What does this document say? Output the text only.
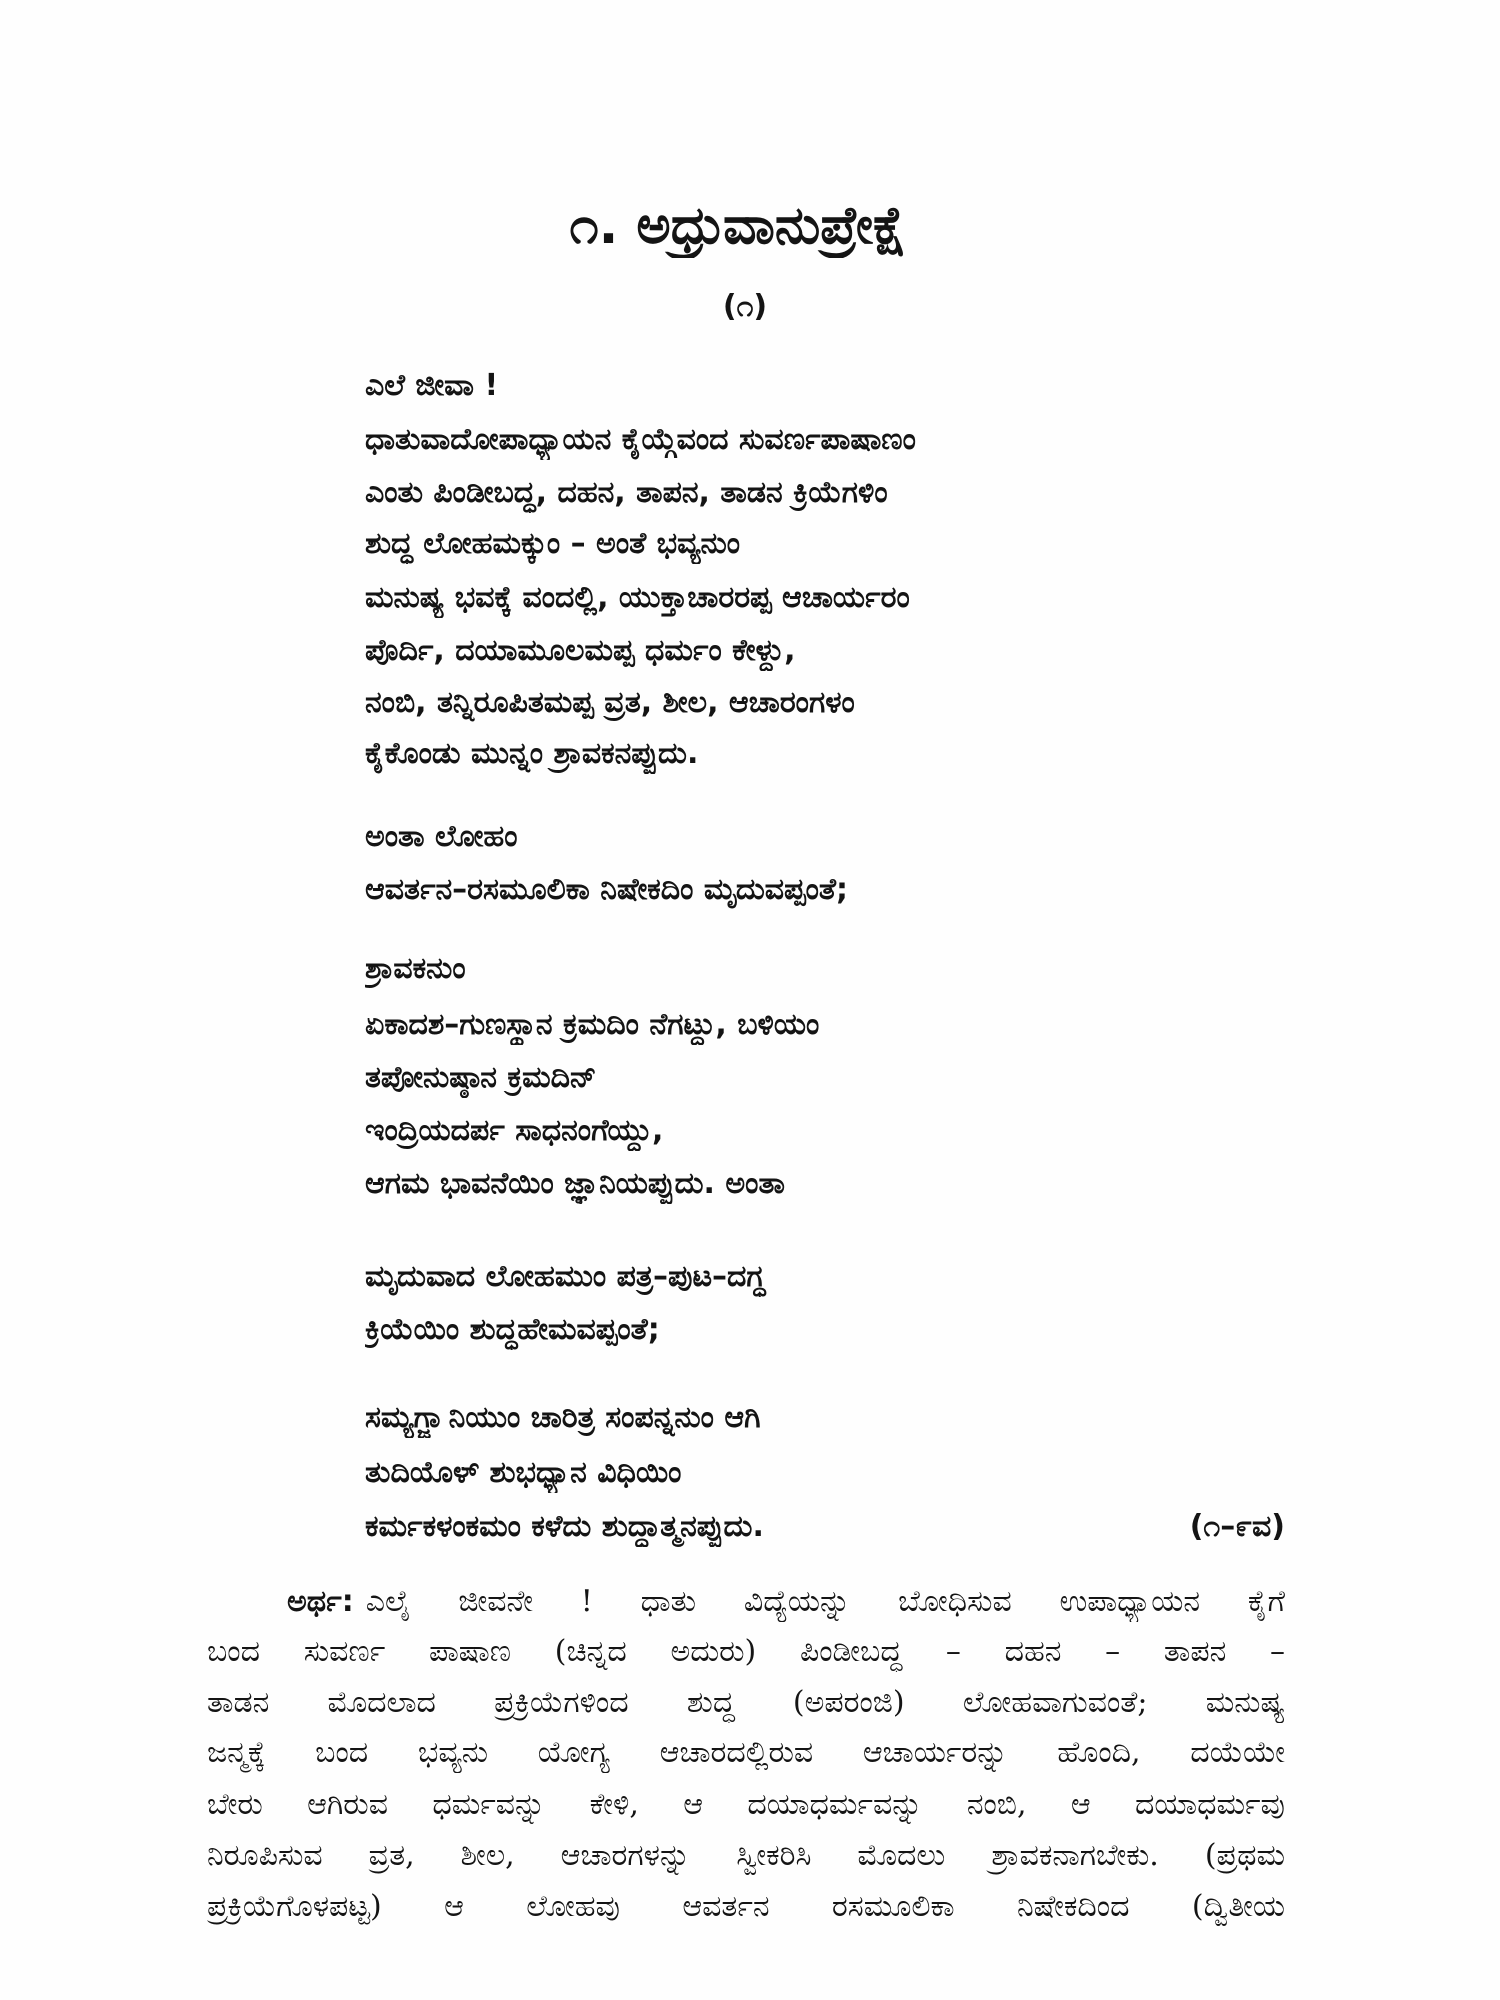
೧. ಅಧ್ರುವಾನುಪ್ರೇಕ್ಷೆ
(೧)
ಎಲೆ ಜೀವಾ !
ಧಾತುವಾದೋಪಾಧ್ಯಾಯನ ಕೈಯ್ಗೆವಂದ ಸುವರ್ಣಪಾಷಾಣಂ
ಎಂತು ಪಿಂಡೀಬದ್ಧ, ದಹನ, ತಾಪನ, ತಾಡನ ಕ್ರಿಯೆಗಳಿಂ
ಶುದ್ಧ ಲೋಹಮಕ್ಕುಂ – ಅಂತೆ ಭವ್ಯನುಂ
ಮನುಷ್ಯ ಭವಕ್ಕೆ ವಂದಲ್ಲಿ, ಯುಕ್ತಾಚಾರರಪ್ಪ ಆಚಾರ್ಯರಂ
ಪೊರ್ದಿ, ದಯಾಮೂಲಮಪ್ಪ ಧರ್ಮಂ ಕೇಳ್ದು,
ನಂಬಿ, ತನ್ನಿರೂಪಿತಮಪ್ಪ ವ್ರತ, ಶೀಲ, ಆಚಾರಂಗಳಂ
ಕೈಕೊಂಡು ಮುನ್ನಂ ಶ್ರಾವಕನಪ್ಪುದು.
ಅಂತಾ ಲೋಹಂ
ಆವರ್ತನ–ರಸಮೂಲಿಕಾ ನಿಷೇಕದಿಂ ಮೃದುವಪ್ಪಂತೆ;
ಶ್ರಾವಕನುಂ
ಏಕಾದಶ–ಗುಣಸ್ಥಾನ ಕ್ರಮದಿಂ ನೆಗಟ್ದು, ಬಳಿಯಂ
ತಪೋನುಷ್ಠಾನ ಕ್ರಮದಿನ್
ಇಂದ್ರಿಯದರ್ಪ ಸಾಧನಂಗೆಯ್ದು,
ಆಗಮ ಭಾವನೆಯಿಂ ಜ್ಞಾನಿಯಪ್ಪುದು. ಅಂತಾ
ಮೃದುವಾದ ಲೋಹಮುಂ ಪತ್ರ–ಪುಟ–ದಗ್ಧ
ಕ್ರಿಯೆಯಿಂ ಶುದ್ಧಹೇಮವಪ್ಪಂತೆ;
ಸಮ್ಯಗ್ಜ್ಞಾನಿಯುಂ ಚಾರಿತ್ರ ಸಂಪನ್ನನುಂ ಆಗಿ
ತುದಿಯೊಳ್ ಶುಭಧ್ಯಾನ ವಿಧಿಯಿಂ
ಕರ್ಮಕಳಂಕಮಂ ಕಳೆದು ಶುದ್ಧಾತ್ಮನಪ್ಪುದು.	(೧–೯ವ)
ಅರ್ಥ: ಎಲೈ ಜೀವನೇ ! ಧಾತು ವಿದ್ಯೆಯನ್ನು ಬೋಧಿಸುವ ಉಪಾಧ್ಯಾಯನ ಕೈಗೆ
ಬಂದ ಸುವರ್ಣ ಪಾಷಾಣ (ಚಿನ್ನದ ಅದುರು) ಪಿಂಡೀಬದ್ಧ – ದಹನ – ತಾಪನ –
ತಾಡನ ಮೊದಲಾದ ಪ್ರಕ್ರಿಯೆಗಳಿಂದ ಶುದ್ಧ (ಅಪರಂಜಿ) ಲೋಹವಾಗುವಂತೆ; ಮನುಷ್ಯ
ಜನ್ಮಕ್ಕೆ ಬಂದ ಭವ್ಯನು ಯೋಗ್ಯ ಆಚಾರದಲ್ಲಿರುವ ಆಚಾರ್ಯರನ್ನು ಹೊಂದಿ, ದಯೆಯೇ
ಬೇರು ಆಗಿರುವ ಧರ್ಮವನ್ನು ಕೇಳಿ, ಆ ದಯಾಧರ್ಮವನ್ನು ನಂಬಿ, ಆ ದಯಾಧರ್ಮವು
ನಿರೂಪಿಸುವ ವ್ರತ, ಶೀಲ, ಆಚಾರಗಳನ್ನು ಸ್ವೀಕರಿಸಿ ಮೊದಲು ಶ್ರಾವಕನಾಗಬೇಕು. (ಪ್ರಥಮ
ಪ್ರಕ್ರಿಯೆಗೊಳಪಟ್ಟ) ಆ ಲೋಹವು ಆವರ್ತನ ರಸಮೂಲಿಕಾ ನಿಷೇಕದಿಂದ (ದ್ವಿತೀಯ
